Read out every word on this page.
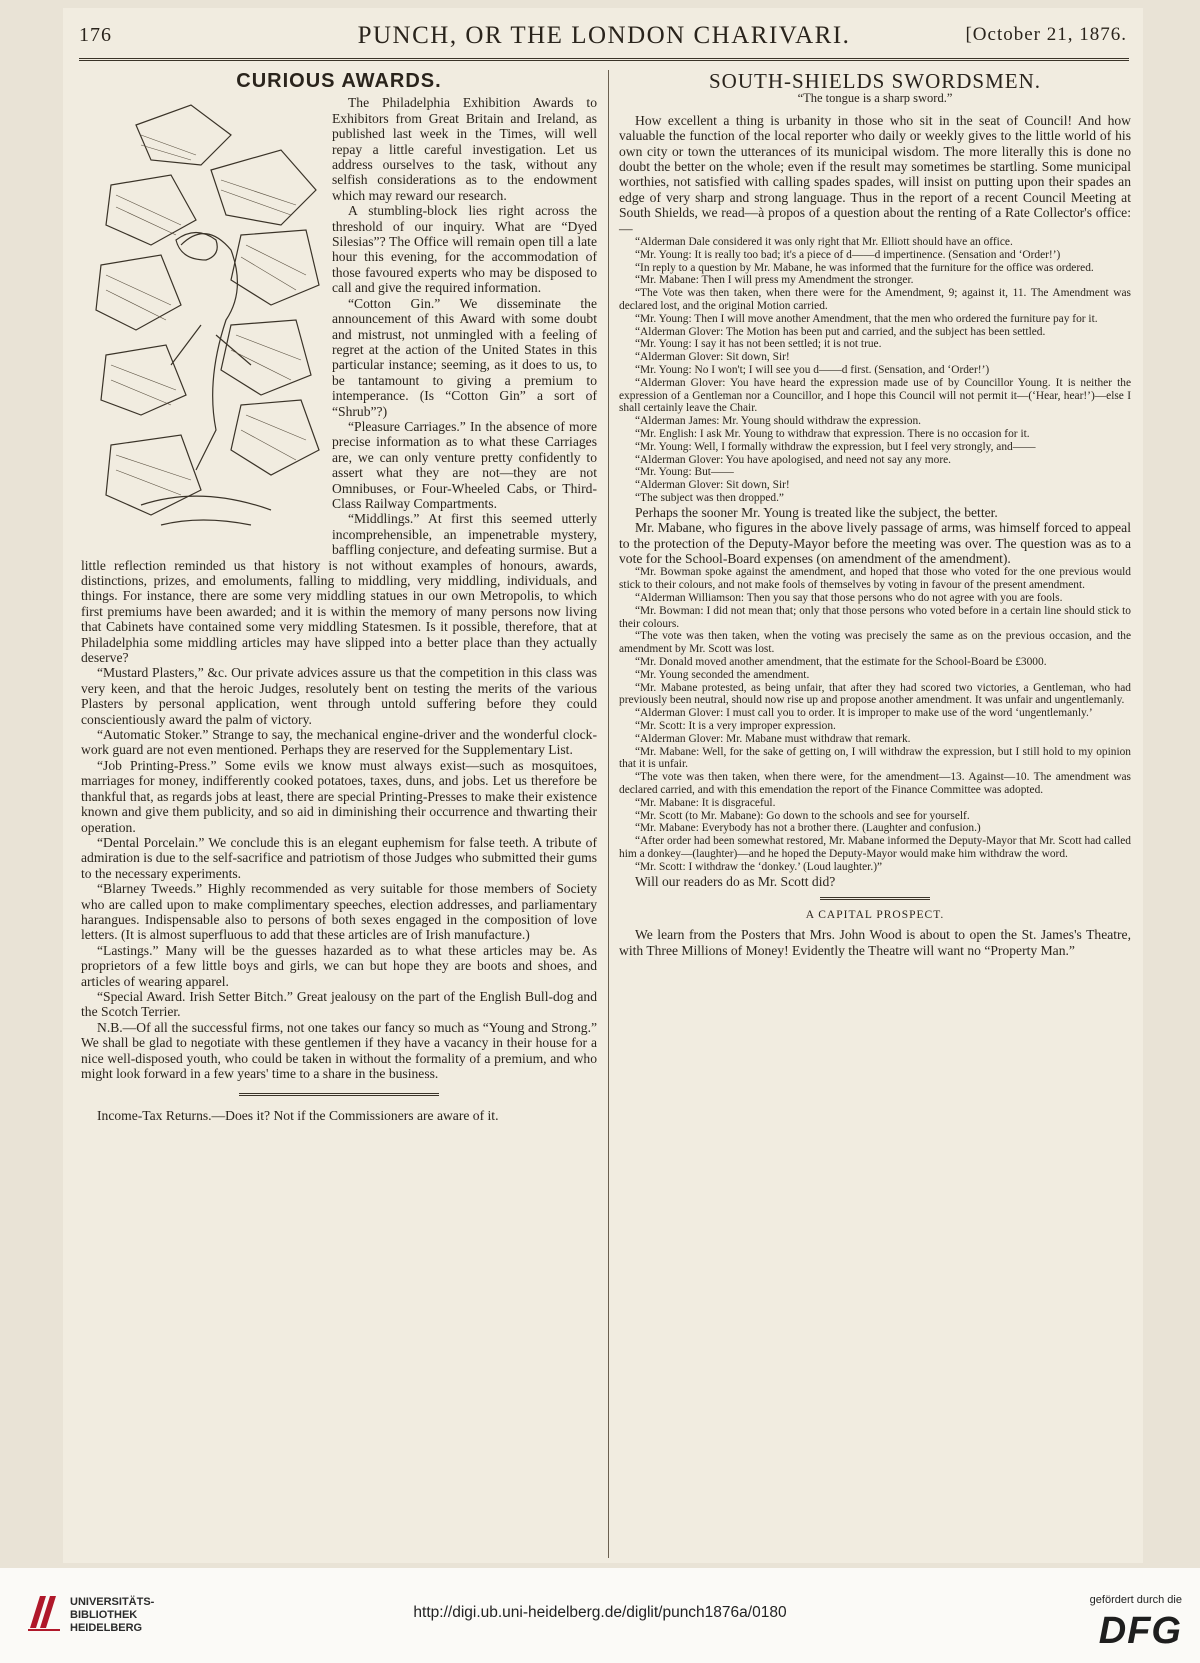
176	PUNCH, OR THE LONDON CHARIVARI.	[October 21, 1876.
CURIOUS AWARDS.

The Philadelphia Exhibition Awards to Exhibitors from Great Britain and Ireland, as published last week in the Times, will well repay a little careful investigation. Let us address ourselves to the task, without any selfish considerations as to the endowment which may reward our research.

A stumbling-block lies right across the threshold of our inquiry. What are “Dyed Silesias”? The Office will remain open till a late hour this evening, for the accommodation of those favoured experts who may be disposed to call and give the required information.

“Cotton Gin.” We disseminate the announcement of this Award with some doubt and mistrust, not unmingled with a feeling of regret at the action of the United States in this particular instance; seeming, as it does to us, to be tantamount to giving a premium to intemperance. (Is “Cotton Gin” a sort of “Shrub”?)

“Pleasure Carriages.” In the absence of more precise information as to what these Carriages are, we can only venture pretty confidently to assert what they are not—they are not Omnibuses, or Four-Wheeled Cabs, or Third-Class Railway Compartments.

“Middlings.” At first this seemed utterly incomprehensible, an impenetrable mystery, baffling conjecture, and defeating surmise. But a little reflection reminded us that history is not without examples of honours, awards, distinctions, prizes, and emoluments, falling to middling, very middling, individuals, and things. For instance, there are some very middling statues in our own Metropolis, to which first premiums have been awarded; and it is within the memory of many persons now living that Cabinets have contained some very middling Statesmen. Is it possible, therefore, that at Philadelphia some middling articles may have slipped into a better place than they actually deserve?

“Mustard Plasters,” &c. Our private advices assure us that the competition in this class was very keen, and that the heroic Judges, resolutely bent on testing the merits of the various Plasters by personal application, went through untold suffering before they could conscientiously award the palm of victory.

“Automatic Stoker.” Strange to say, the mechanical engine-driver and the wonderful clock-work guard are not even mentioned. Perhaps they are reserved for the Supplementary List.

“Job Printing-Press.” Some evils we know must always exist—such as mosquitoes, marriages for money, indifferently cooked potatoes, taxes, duns, and jobs. Let us therefore be thankful that, as regards jobs at least, there are special Printing-Presses to make their existence known and give them publicity, and so aid in diminishing their occurrence and thwarting their operation.

“Dental Porcelain.” We conclude this is an elegant euphemism for false teeth. A tribute of admiration is due to the self-sacrifice and patriotism of those Judges who submitted their gums to the necessary experiments.

“Blarney Tweeds.” Highly recommended as very suitable for those members of Society who are called upon to make complimentary speeches, election addresses, and parliamentary harangues. Indispensable also to persons of both sexes engaged in the composition of love letters. (It is almost superfluous to add that these articles are of Irish manufacture.)

“Lastings.” Many will be the guesses hazarded as to what these articles may be. As proprietors of a few little boys and girls, we can but hope they are boots and shoes, and articles of wearing apparel.

“Special Award. Irish Setter Bitch.” Great jealousy on the part of the English Bull-dog and the Scotch Terrier.

N.B.—Of all the successful firms, not one takes our fancy so much as “Young and Strong.” We shall be glad to negotiate with these gentlemen if they have a vacancy in their house for a nice well-disposed youth, who could be taken in without the formality of a premium, and who might look forward in a few years' time to a share in the business.

Income-Tax Returns.—Does it? Not if the Commissioners are aware of it.

SOUTH-SHIELDS SWORDSMEN.
“The tongue is a sharp sword.”

How excellent a thing is urbanity in those who sit in the seat of Council! And how valuable the function of the local reporter who daily or weekly gives to the little world of his own city or town the utterances of its municipal wisdom. The more literally this is done no doubt the better on the whole; even if the result may sometimes be startling. Some municipal worthies, not satisfied with calling spades spades, will insist on putting upon their spades an edge of very sharp and strong language. Thus in the report of a recent Council Meeting at South Shields, we read—à propos of a question about the renting of a Rate Collector's office:—

“Alderman Dale considered it was only right that Mr. Elliott should have an office.

“Mr. Young: It is really too bad; it's a piece of d——d impertinence. (Sensation and ‘Order!’)

“In reply to a question by Mr. Mabane, he was informed that the furniture for the office was ordered.

“Mr. Mabane: Then I will press my Amendment the stronger.

“The Vote was then taken, when there were for the Amendment, 9; against it, 11. The Amendment was declared lost, and the original Motion carried.

“Mr. Young: Then I will move another Amendment, that the men who ordered the furniture pay for it.

“Alderman Glover: The Motion has been put and carried, and the subject has been settled.

“Mr. Young: I say it has not been settled; it is not true.

“Alderman Glover: Sit down, Sir!

“Mr. Young: No I won't; I will see you d——d first. (Sensation, and ‘Order!’)

“Alderman Glover: You have heard the expression made use of by Councillor Young. It is neither the expression of a Gentleman nor a Councillor, and I hope this Council will not permit it—(‘Hear, hear!’)—else I shall certainly leave the Chair.

“Alderman James: Mr. Young should withdraw the expression.

“Mr. English: I ask Mr. Young to withdraw that expression. There is no occasion for it.

“Mr. Young: Well, I formally withdraw the expression, but I feel very strongly, and——

“Alderman Glover: You have apologised, and need not say any more.

“Mr. Young: But——

“Alderman Glover: Sit down, Sir!

“The subject was then dropped.”

Perhaps the sooner Mr. Young is treated like the subject, the better.

Mr. Mabane, who figures in the above lively passage of arms, was himself forced to appeal to the protection of the Deputy-Mayor before the meeting was over. The question was as to a vote for the School-Board expenses (on amendment of the amendment).

“Mr. Bowman spoke against the amendment, and hoped that those who voted for the one previous would stick to their colours, and not make fools of themselves by voting in favour of the present amendment.

“Alderman Williamson: Then you say that those persons who do not agree with you are fools.

“Mr. Bowman: I did not mean that; only that those persons who voted before in a certain line should stick to their colours.

“The vote was then taken, when the voting was precisely the same as on the previous occasion, and the amendment by Mr. Scott was lost.

“Mr. Donald moved another amendment, that the estimate for the School-Board be £3000.

“Mr. Young seconded the amendment.

“Mr. Mabane protested, as being unfair, that after they had scored two victories, a Gentleman, who had previously been neutral, should now rise up and propose another amendment. It was unfair and ungentlemanly.

“Alderman Glover: I must call you to order. It is improper to make use of the word ‘ungentlemanly.’

“Mr. Scott: It is a very improper expression.

“Alderman Glover: Mr. Mabane must withdraw that remark.

“Mr. Mabane: Well, for the sake of getting on, I will withdraw the expression, but I still hold to my opinion that it is unfair.

“The vote was then taken, when there were, for the amendment—13. Against—10. The amendment was declared carried, and with this emendation the report of the Finance Committee was adopted.

“Mr. Mabane: It is disgraceful.

“Mr. Scott (to Mr. Mabane): Go down to the schools and see for yourself.

“Mr. Mabane: Everybody has not a brother there. (Laughter and confusion.)

“After order had been somewhat restored, Mr. Mabane informed the Deputy-Mayor that Mr. Scott had called him a donkey—(laughter)—and he hoped the Deputy-Mayor would make him withdraw the word.

“Mr. Scott: I withdraw the ‘donkey.’ (Loud laughter.)”

Will our readers do as Mr. Scott did?

A CAPITAL PROSPECT.

We learn from the Posters that Mrs. John Wood is about to open the St. James's Theatre, with Three Millions of Money! Evidently the Theatre will want no “Property Man.”

UNIVERSITÄTS-
BIBLIOTHEK
HEIDELBERG
http://digi.ub.uni-heidelberg.de/diglit/punch1876a/0180
gefördert durch die
DFG
